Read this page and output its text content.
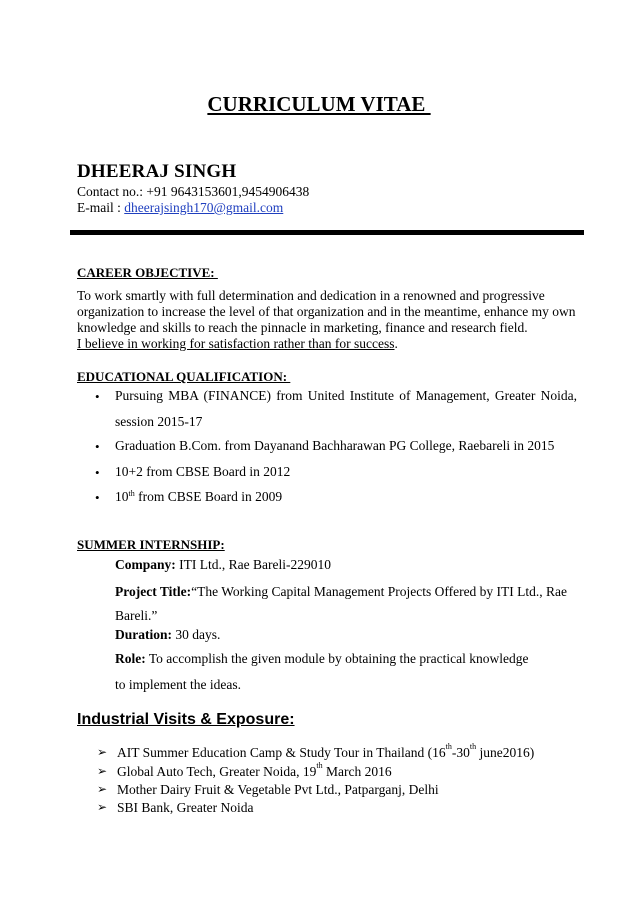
CURRICULUM VITAE
DHEERAJ SINGH
Contact no.: +91 9643153601,9454906438
E-mail : dheerajsingh170@gmail.com
CAREER OBJECTIVE:
To work smartly with full determination and dedication in a renowned and progressive organization to increase the level of that organization and in the meantime, enhance my own knowledge and skills to reach the pinnacle in marketing, finance and research field.
I believe in working for satisfaction rather than for success.
EDUCATIONAL QUALIFICATION:
• Pursuing MBA (FINANCE) from United Institute of Management, Greater Noida, session 2015-17
• Graduation B.Com. from Dayanand Bachharawan PG College, Raebareli in 2015
• 10+2 from CBSE Board in 2012
• 10th from CBSE Board in 2009
SUMMER INTERNSHIP:
Company: ITI Ltd., Rae Bareli-229010
Project Title:“The Working Capital Management Projects Offered by ITI Ltd., Rae Bareli.”
Duration: 30 days.
Role: To accomplish the given module by obtaining the practical knowledge to implement the ideas.
Industrial Visits & Exposure:
➢ AIT Summer Education Camp & Study Tour in Thailand (16th-30th june2016)
➢ Global Auto Tech, Greater Noida, 19th March 2016
➢ Mother Dairy Fruit & Vegetable Pvt Ltd., Patparganj, Delhi
➢ SBI Bank, Greater Noida
